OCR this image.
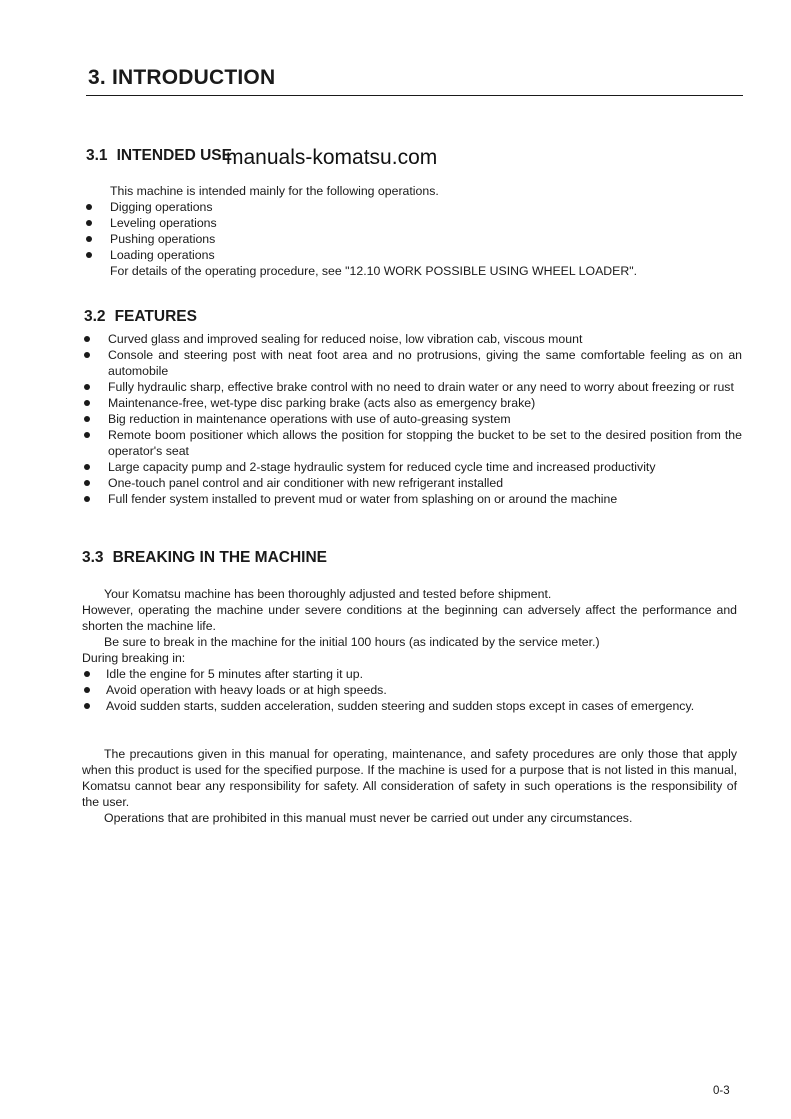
3. INTRODUCTION
3.1 INTENDED USE
manuals-komatsu.com

This machine is intended mainly for the following operations.

Digging operations
Leveling operations
Pushing operations
Loading operations

For details of the operating procedure, see "12.10 WORK POSSIBLE USING WHEEL LOADER".

3.2 FEATURES
Curved glass and improved sealing for reduced noise, low vibration cab, viscous mount
Console and steering post with neat foot area and no protrusions, giving the same comfortable feeling as on an automobile
Fully hydraulic sharp, effective brake control with no need to drain water or any need to worry about freezing or rust
Maintenance-free, wet-type disc parking brake (acts also as emergency brake)
Big reduction in maintenance operations with use of auto-greasing system
Remote boom positioner which allows the position for stopping the bucket to be set to the desired position from the operator's seat
Large capacity pump and 2-stage hydraulic system for reduced cycle time and increased productivity
One-touch panel control and air conditioner with new refrigerant installed
Full fender system installed to prevent mud or water from splashing on or around the machine
3.3 BREAKING IN THE MACHINE

Your Komatsu machine has been thoroughly adjusted and tested before shipment.

However, operating the machine under severe conditions at the beginning can adversely affect the performance and shorten the machine life.

Be sure to break in the machine for the initial 100 hours (as indicated by the service meter.)

During breaking in:

Idle the engine for 5 minutes after starting it up.
Avoid operation with heavy loads or at high speeds.
Avoid sudden starts, sudden acceleration, sudden steering and sudden stops except in cases of emergency.

The precautions given in this manual for operating, maintenance, and safety procedures are only those that apply when this product is used for the specified purpose. If the machine is used for a purpose that is not listed in this manual, Komatsu cannot bear any responsibility for safety. All consideration of safety in such operations is the responsibility of the user.

Operations that are prohibited in this manual must never be carried out under any circumstances.

0-3
